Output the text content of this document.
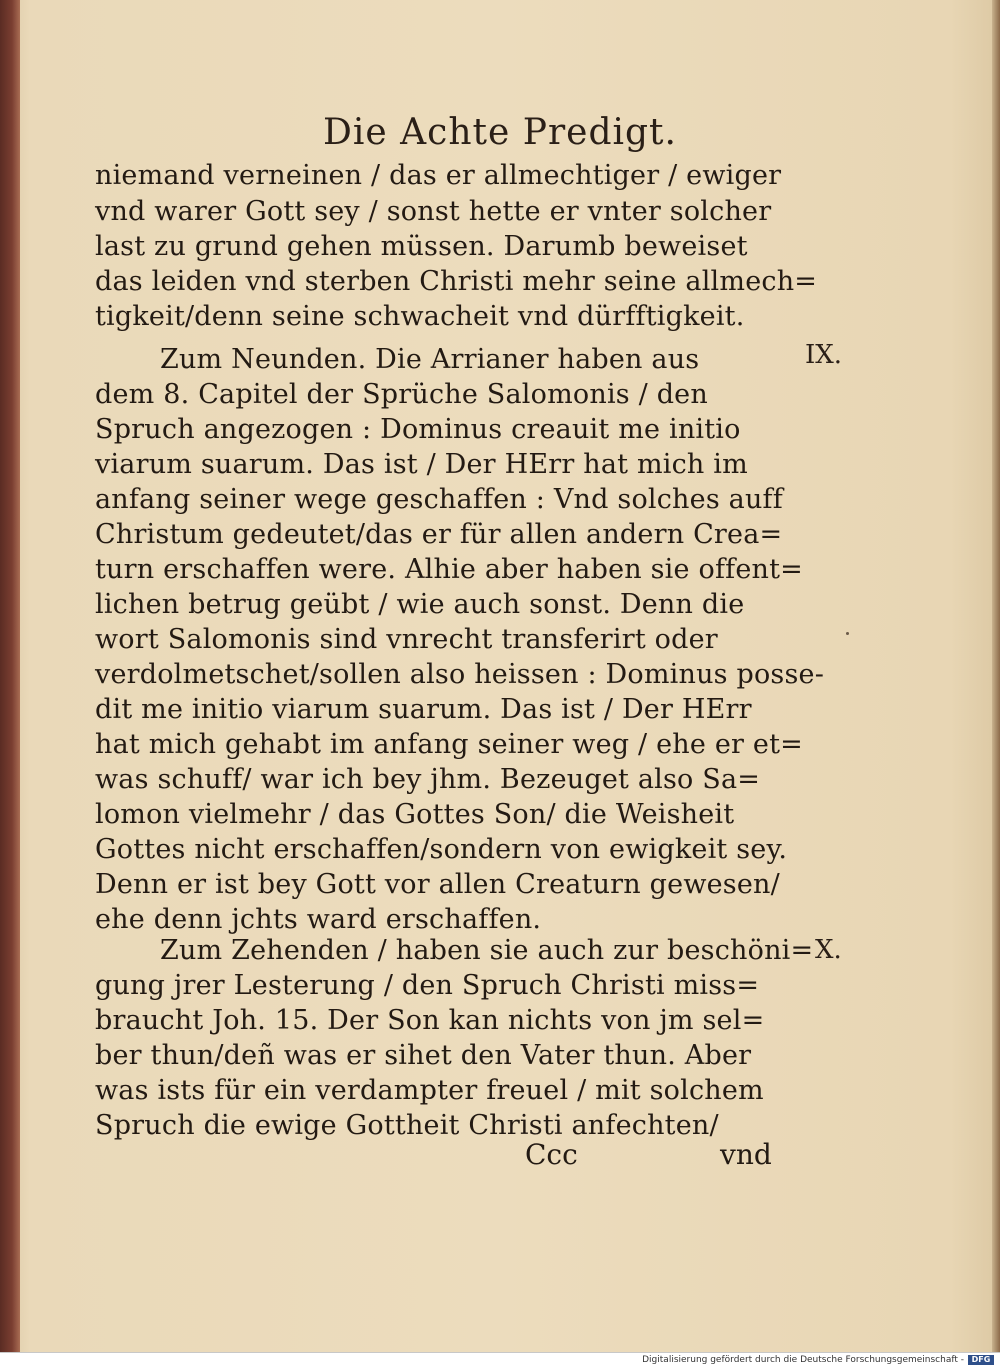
Die Achte Predigt.
niemand verneinen / das er allmechtiger / ewiger
vnd warer Gott sey / sonst hette er vnter solcher
last zu grund gehen müssen. Darumb beweiset
das leiden vnd sterben Christi mehr seine allmech=
tigkeit/denn seine schwacheit vnd dürfftigkeit.
Zum Neunden. Die Arrianer haben aus
dem 8. Capitel der Sprüche Salomonis / den
Spruch angezogen : Dominus creauit me initio
viarum suarum. Das ist / Der HErr hat mich im
anfang seiner wege geschaffen : Vnd solches auff
Christum gedeutet/das er für allen andern Crea=
turn erschaffen were. Alhie aber haben sie offent=
lichen betrug geübt / wie auch sonst. Denn die
wort Salomonis sind vnrecht transferirt oder
verdolmetschet/sollen also heissen : Dominus posse-
dit me initio viarum suarum. Das ist / Der HErr
hat mich gehabt im anfang seiner weg / ehe er et=
was schuff/ war ich bey jhm. Bezeuget also Sa=
lomon vielmehr / das Gottes Son/ die Weisheit
Gottes nicht erschaffen/sondern von ewigkeit sey.
Denn er ist bey Gott vor allen Creaturn gewesen/
ehe denn jchts ward erschaffen.
Zum Zehenden / haben sie auch zur beschöni=
gung jrer Lesterung / den Spruch Christi miss=
braucht Joh. 15. Der Son kan nichts von jm sel=
ber thun/deñ was er sihet den Vater thun. Aber
was ists für ein verdampter freuel / mit solchem
Spruch die ewige Gottheit Christi anfechten/
IX.
X.
Ccc	vnd
Digitalisierung gefördert durch die Deutsche Forschungsgemeinschaft - DFG
